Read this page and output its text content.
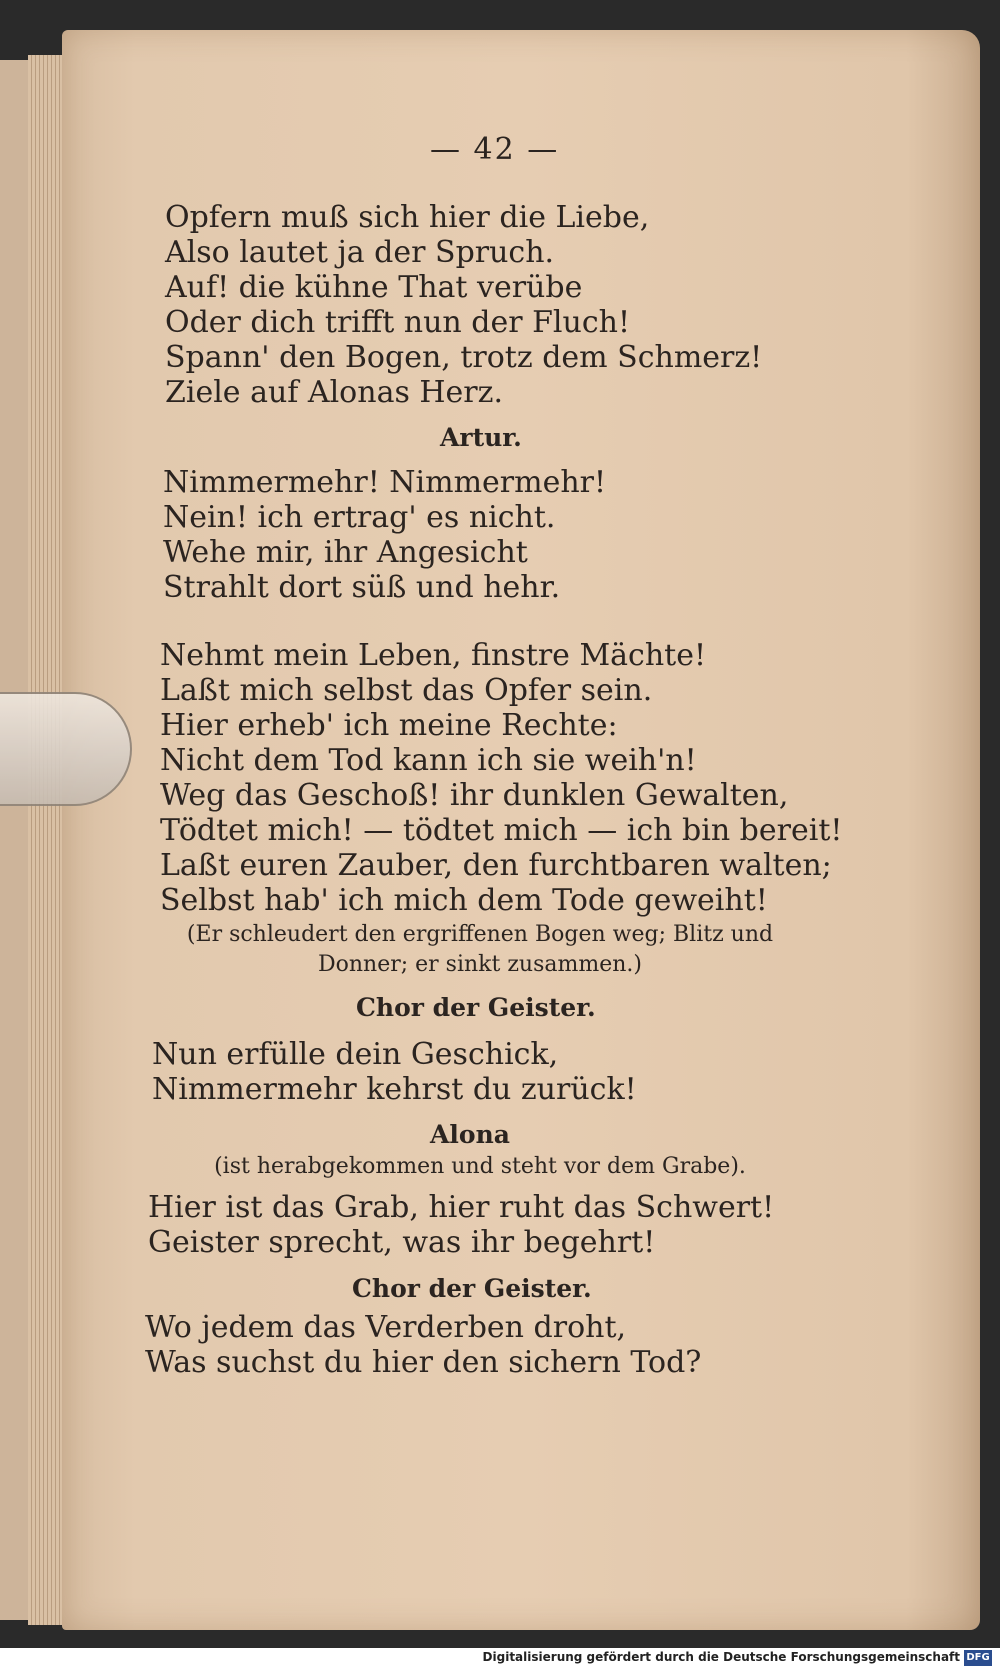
— 42 —
Opfern muß sich hier die Liebe,
Also lautet ja der Spruch.
Auf! die kühne That verübe
Oder dich trifft nun der Fluch!
Spann' den Bogen, trotz dem Schmerz!
Ziele auf Alonas Herz.
Artur.
Nimmermehr! Nimmermehr!
Nein! ich ertrag' es nicht.
Wehe mir, ihr Angesicht
Strahlt dort süß und hehr.
Nehmt mein Leben, finstre Mächte!
Laßt mich selbst das Opfer sein.
Hier erheb' ich meine Rechte:
Nicht dem Tod kann ich sie weih'n!
Weg das Geschoß! ihr dunklen Gewalten,
Tödtet mich! — tödtet mich — ich bin bereit!
Laßt euren Zauber, den furchtbaren walten;
Selbst hab' ich mich dem Tode geweiht!
(Er schleudert den ergriffenen Bogen weg; Blitz und
Donner; er sinkt zusammen.)
Chor der Geister.
Nun erfülle dein Geschick,
Nimmermehr kehrst du zurück!
Alona
(ist herabgekommen und steht vor dem Grabe).
Hier ist das Grab, hier ruht das Schwert!
Geister sprecht, was ihr begehrt!
Chor der Geister.
Wo jedem das Verderben droht,
Was suchst du hier den sichern Tod?
Digitalisierung gefördert durch die Deutsche Forschungsgemeinschaft DFG
